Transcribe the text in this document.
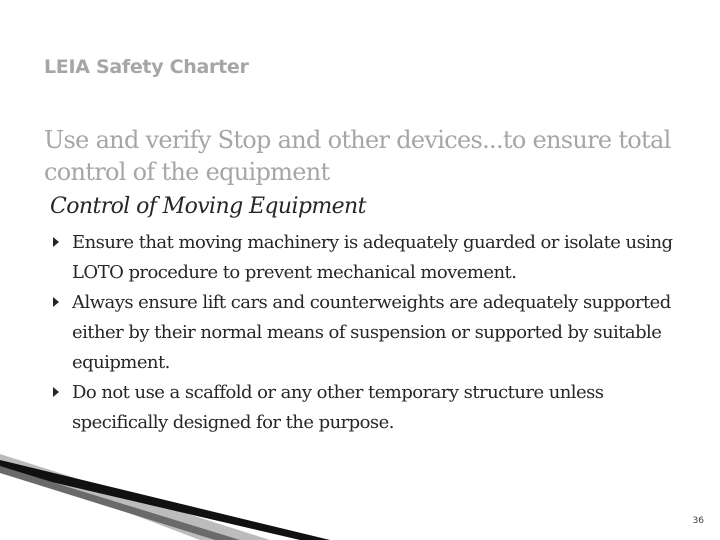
LEIA Safety Charter
Use and verify Stop and other devices...to ensure total control of the equipment
Control of Moving Equipment
Ensure that moving machinery is adequately guarded or isolate using LOTO procedure to prevent mechanical movement.
Always ensure lift cars and counterweights are adequately supported either by their normal means of suspension or supported by suitable equipment.
Do not use a scaffold or any other temporary structure unless specifically designed for the purpose.
36
